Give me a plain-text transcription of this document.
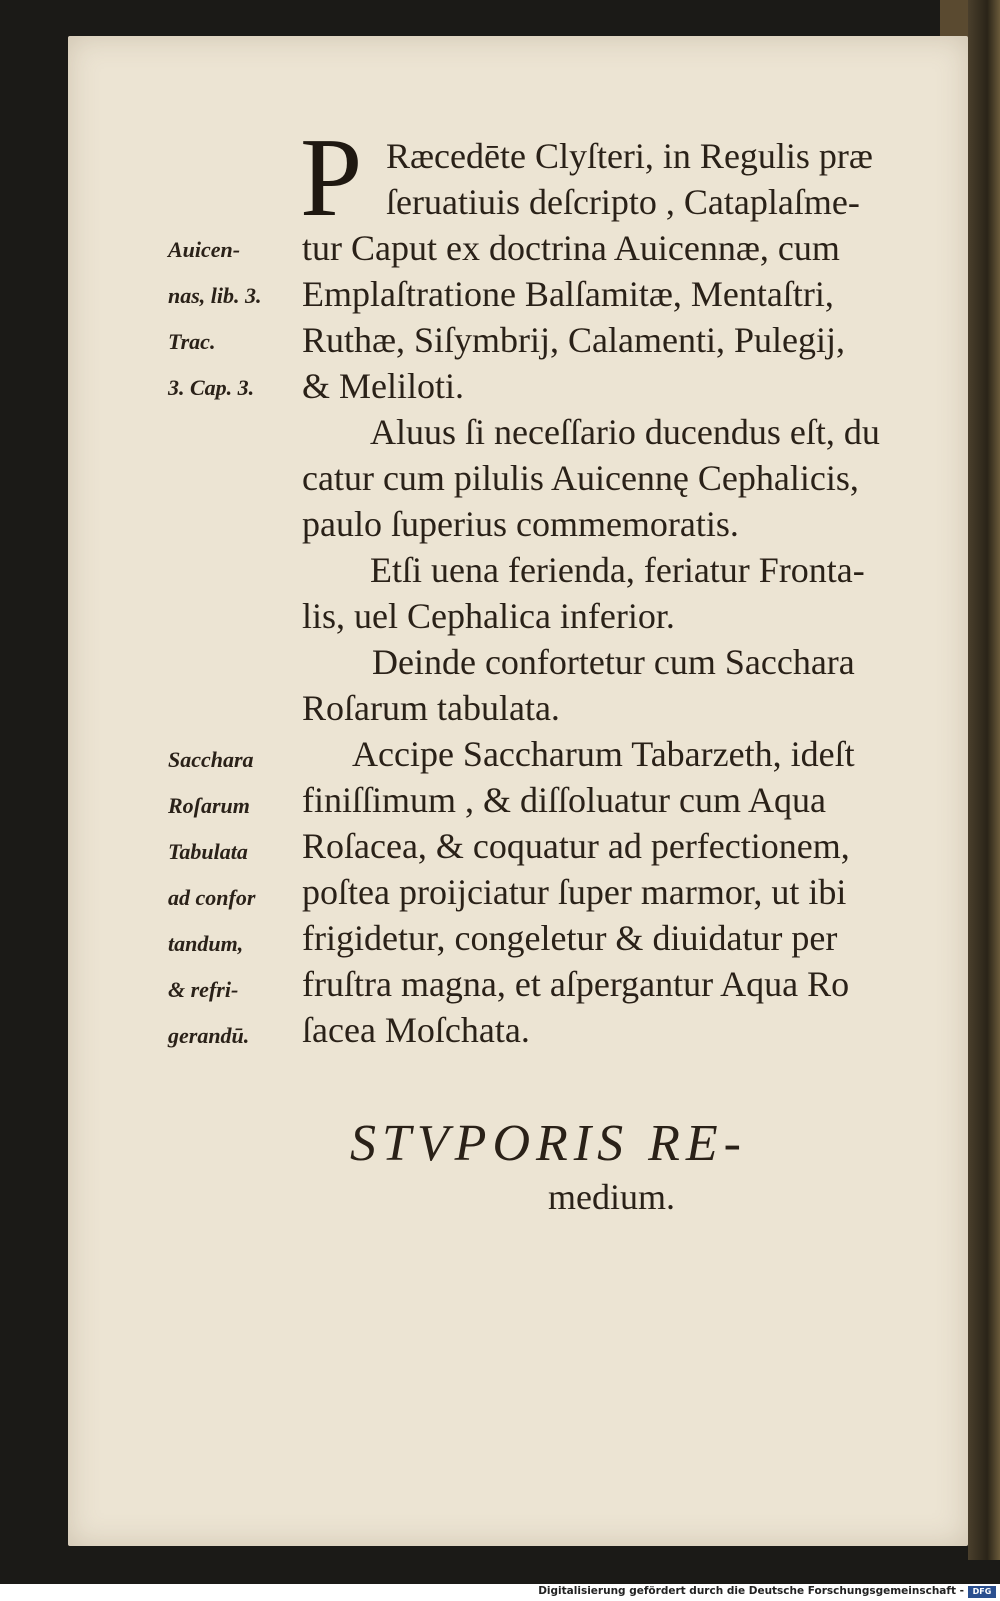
P Ræcedēte Clyſteri, in Regulis præ
ſeruatiuis deſcripto , Cataplaſme-
tur Caput ex doctrina Auicennæ, cum
Emplaſtratione Balſamitæ, Mentaſtri,
Ruthæ, Siſymbrij, Calamenti, Pulegij,
& Meliloti.
Aluus ſi neceſſario ducendus eſt, du
catur cum pilulis Auicennę Cephalicis,
paulo ſuperius commemoratis.
Etſi uena ferienda, feriatur Fronta-
lis, uel Cephalica inferior.
Deinde confortetur cum Sacchara
Roſarum tabulata.
Accipe Saccharum Tabarzeth, ideſt
finiſſimum , & diſſoluatur cum Aqua
Roſacea, & coquatur ad perfectionem,
poſtea proijciatur ſuper marmor, ut ibi
frigidetur, congeletur & diuidatur per
fruſtra magna, et aſpergantur Aqua Ro
ſacea Moſchata.
Auicen-
nas, lib. 3.
Trac.
3. Cap. 3.
Sacchara
Roſarum
Tabulata
ad confor
tandum,
& refri-
gerandū.
STVPORIS RE-
medium.
Digitalisierung gefördert durch die Deutsche Forschungsgemeinschaft -	DFG
